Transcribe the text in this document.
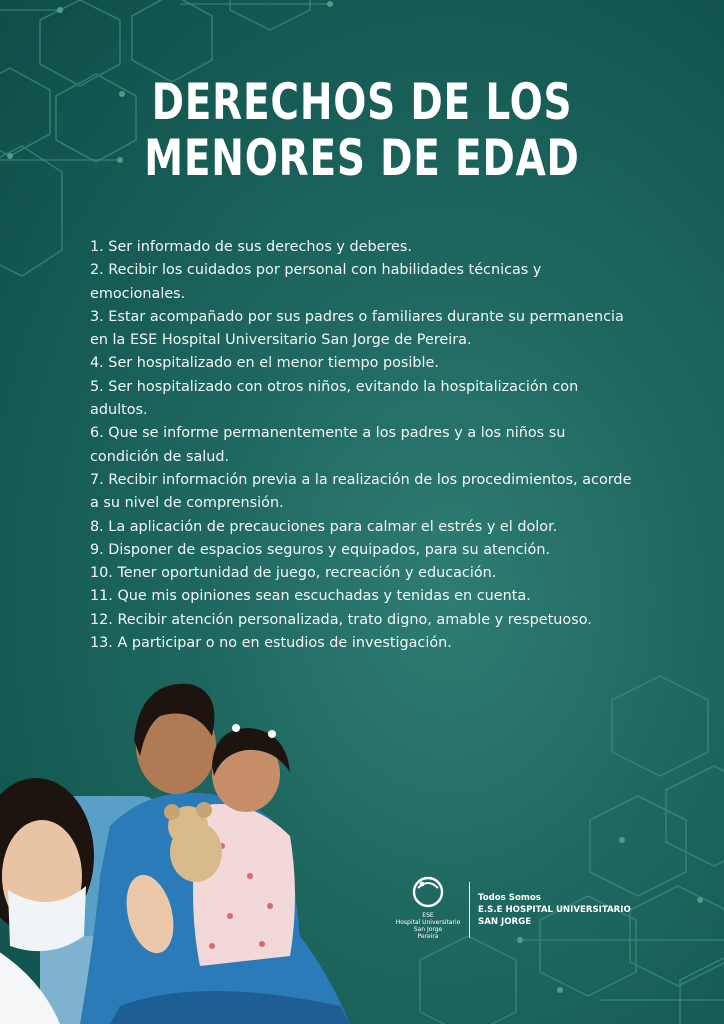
DERECHOS DE LOS
MENORES DE EDAD

1. Ser informado de sus derechos y deberes.

2. Recibir los cuidados por personal con habilidades técnicas y emocionales.

3. Estar acompañado por sus padres o familiares durante su permanencia en la ESE Hospital Universitario San Jorge de Pereira.

4. Ser hospitalizado en el menor tiempo posible.

5. Ser hospitalizado con otros niños, evitando la hospitalización con adultos.

6. Que se informe permanentemente a los padres y a los niños su condición de salud.

7. Recibir información previa a la realización de los procedimientos, acorde a su nivel de comprensión.

8. La aplicación de precauciones para calmar el estrés y el dolor.

9. Disponer de espacios seguros y equipados, para su atención.

10. Tener oportunidad de juego, recreación y educación.

11. Que mis opiniones sean escuchadas y tenidas en cuenta.

12. Recibir atención personalizada, trato digno, amable y respetuoso.

13. A participar o no en estudios de investigación.

ESE
Hospital Universitario
San Jorge
Pereira
Todos Somos
E.S.E HOSPITAL UNIVERSITARIO
SAN JORGE
